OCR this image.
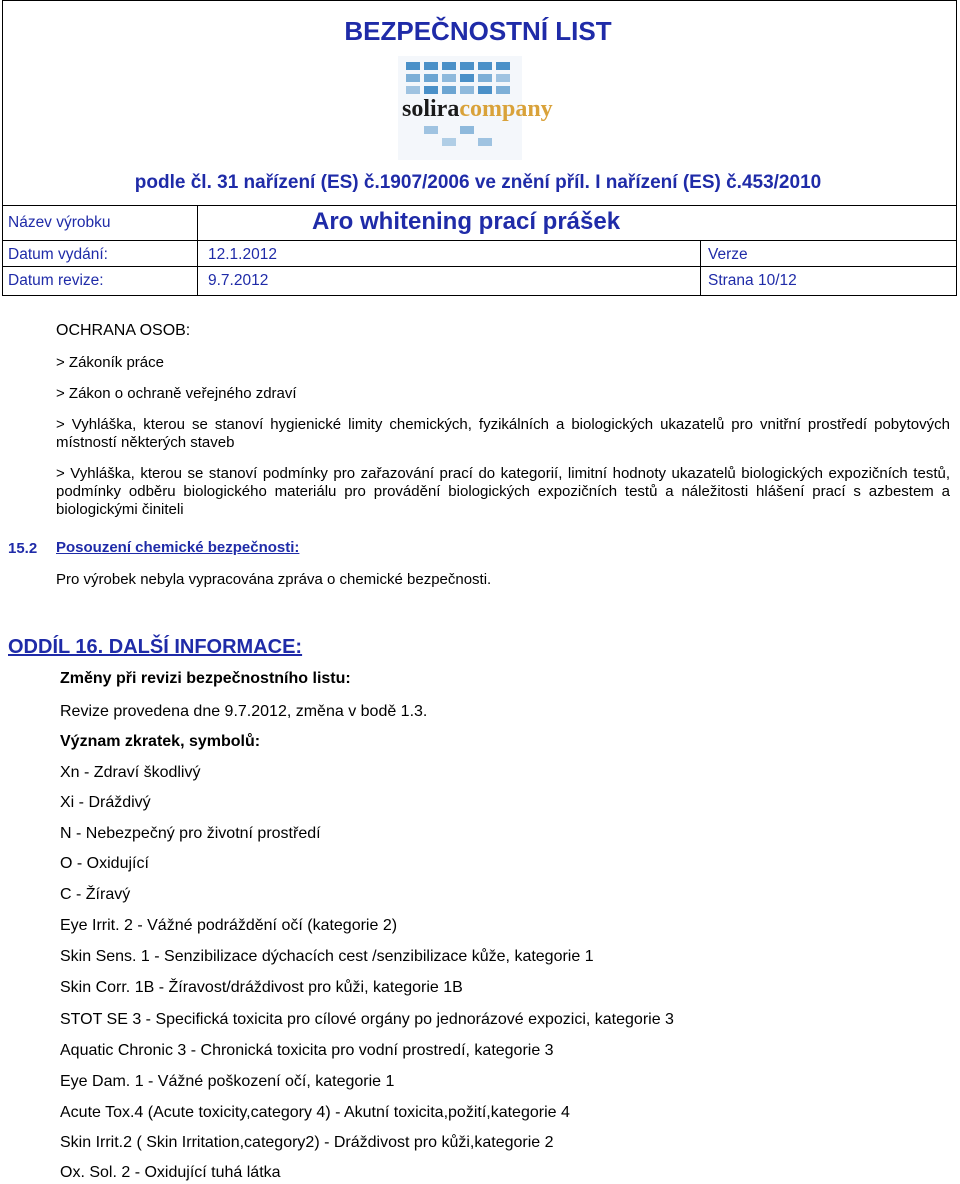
BEZPEČNOSTNÍ LIST
soliracompany
podle čl. 31 nařízení (ES) č.1907/2006 ve znění příl. I nařízení (ES) č.453/2010
Název výrobku	Aro whitening prací prášek
Datum vydání:	12.1.2012	Verze
Datum revize:	9.7.2012	Strana 10/12
OCHRANA OSOB:
> Zákoník práce
> Zákon o ochraně veřejného zdraví
> Vyhláška, kterou se stanoví hygienické limity chemických, fyzikálních a biologických ukazatelů pro vnitřní prostředí pobytových místností některých staveb
> Vyhláška, kterou se stanoví podmínky pro zařazování prací do kategorií, limitní hodnoty ukazatelů biologických expozičních testů, podmínky odběru biologického materiálu pro provádění biologických expozičních testů a náležitosti hlášení prací s azbestem a biologickými činiteli
15.2 Posouzení chemické bezpečnosti:
Pro výrobek nebyla vypracována zpráva o chemické bezpečnosti.
ODDÍL 16. DALŠÍ INFORMACE:
Změny při revizi bezpečnostního listu:
Revize provedena dne 9.7.2012, změna v bodě 1.3.
Význam zkratek, symbolů:
Xn - Zdraví škodlivý
Xi - Dráždivý
N - Nebezpečný pro životní prostředí
O - Oxidující
C - Žíravý
Eye Irrit. 2 - Vážné podráždění očí (kategorie 2)
Skin Sens. 1 - Senzibilizace dýchacích cest /senzibilizace kůže, kategorie 1
Skin Corr. 1B - Žíravost/dráždivost pro kůži, kategorie 1B
STOT SE 3 - Specifická toxicita pro cílové orgány po jednorázové expozici, kategorie 3
Aquatic Chronic 3 - Chronická toxicita pro vodní prostredí, kategorie 3
Eye Dam. 1 - Vážné poškození očí, kategorie 1
Acute Tox.4 (Acute toxicity,category 4) - Akutní toxicita,požití,kategorie 4
Skin Irrit.2 ( Skin Irritation,category2) - Dráždivost pro kůži,kategorie 2
Ox. Sol. 2 - Oxidující tuhá látka
